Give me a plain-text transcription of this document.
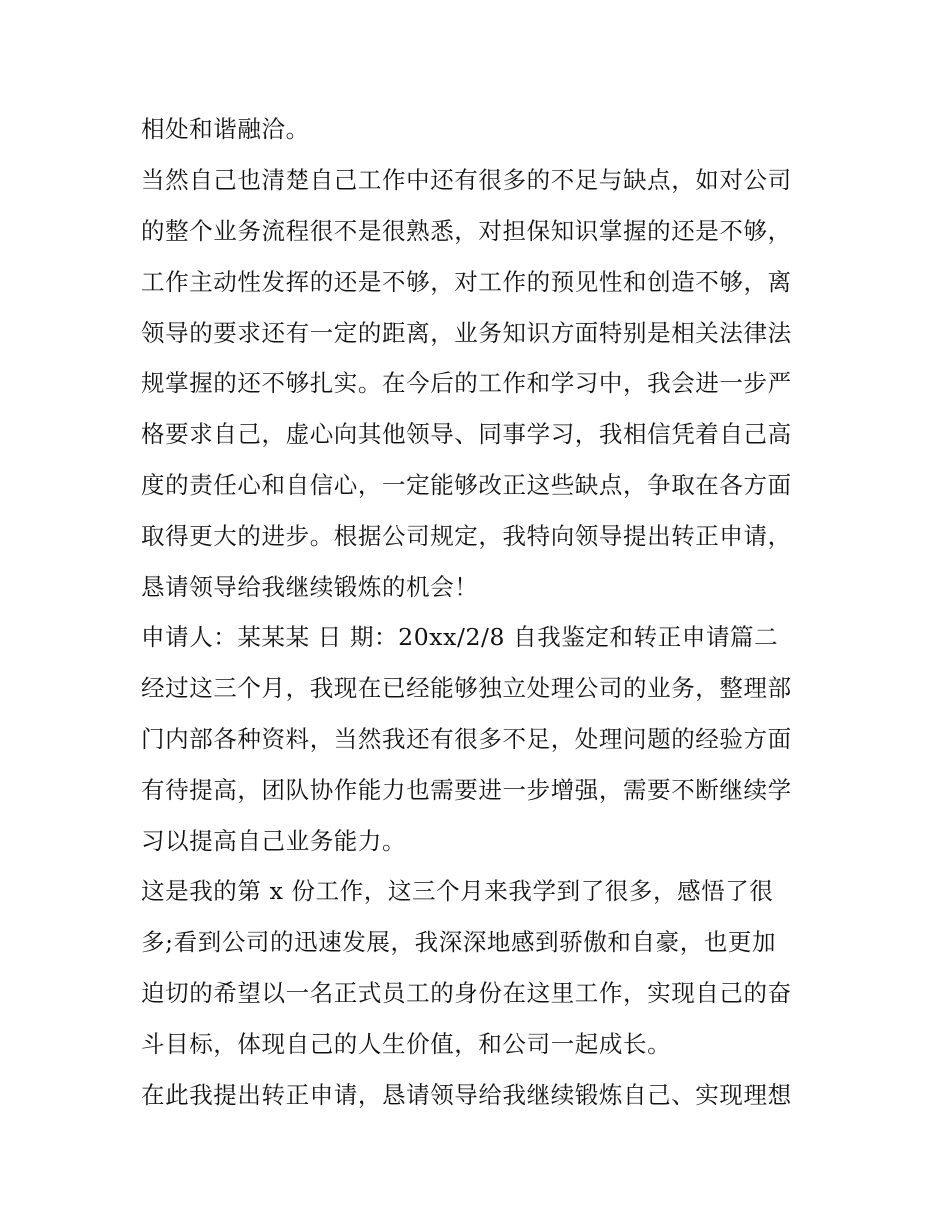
相处和谐融洽。
当然自己也清楚自己工作中还有很多的不足与缺点，如对公司
的整个业务流程很不是很熟悉，对担保知识掌握的还是不够，
工作主动性发挥的还是不够，对工作的预见性和创造不够，离
领导的要求还有一定的距离，业务知识方面特别是相关法律法
规掌握的还不够扎实。在今后的工作和学习中，我会进一步严
格要求自己，虚心向其他领导、同事学习，我相信凭着自己高
度的责任心和自信心，一定能够改正这些缺点，争取在各方面
取得更大的进步。根据公司规定，我特向领导提出转正申请，
恳请领导给我继续锻炼的机会！
申请人：某某某 日 期：20xx/2/8 自我鉴定和转正申请篇二
经过这三个月，我现在已经能够独立处理公司的业务，整理部
门内部各种资料，当然我还有很多不足，处理问题的经验方面
有待提高，团队协作能力也需要进一步增强，需要不断继续学
习以提高自己业务能力。
这是我的第 x 份工作，这三个月来我学到了很多，感悟了很
多;看到公司的迅速发展，我深深地感到骄傲和自豪，也更加
迫切的希望以一名正式员工的身份在这里工作，实现自己的奋
斗目标，体现自己的人生价值，和公司一起成长。
在此我提出转正申请，恳请领导给我继续锻炼自己、实现理想
